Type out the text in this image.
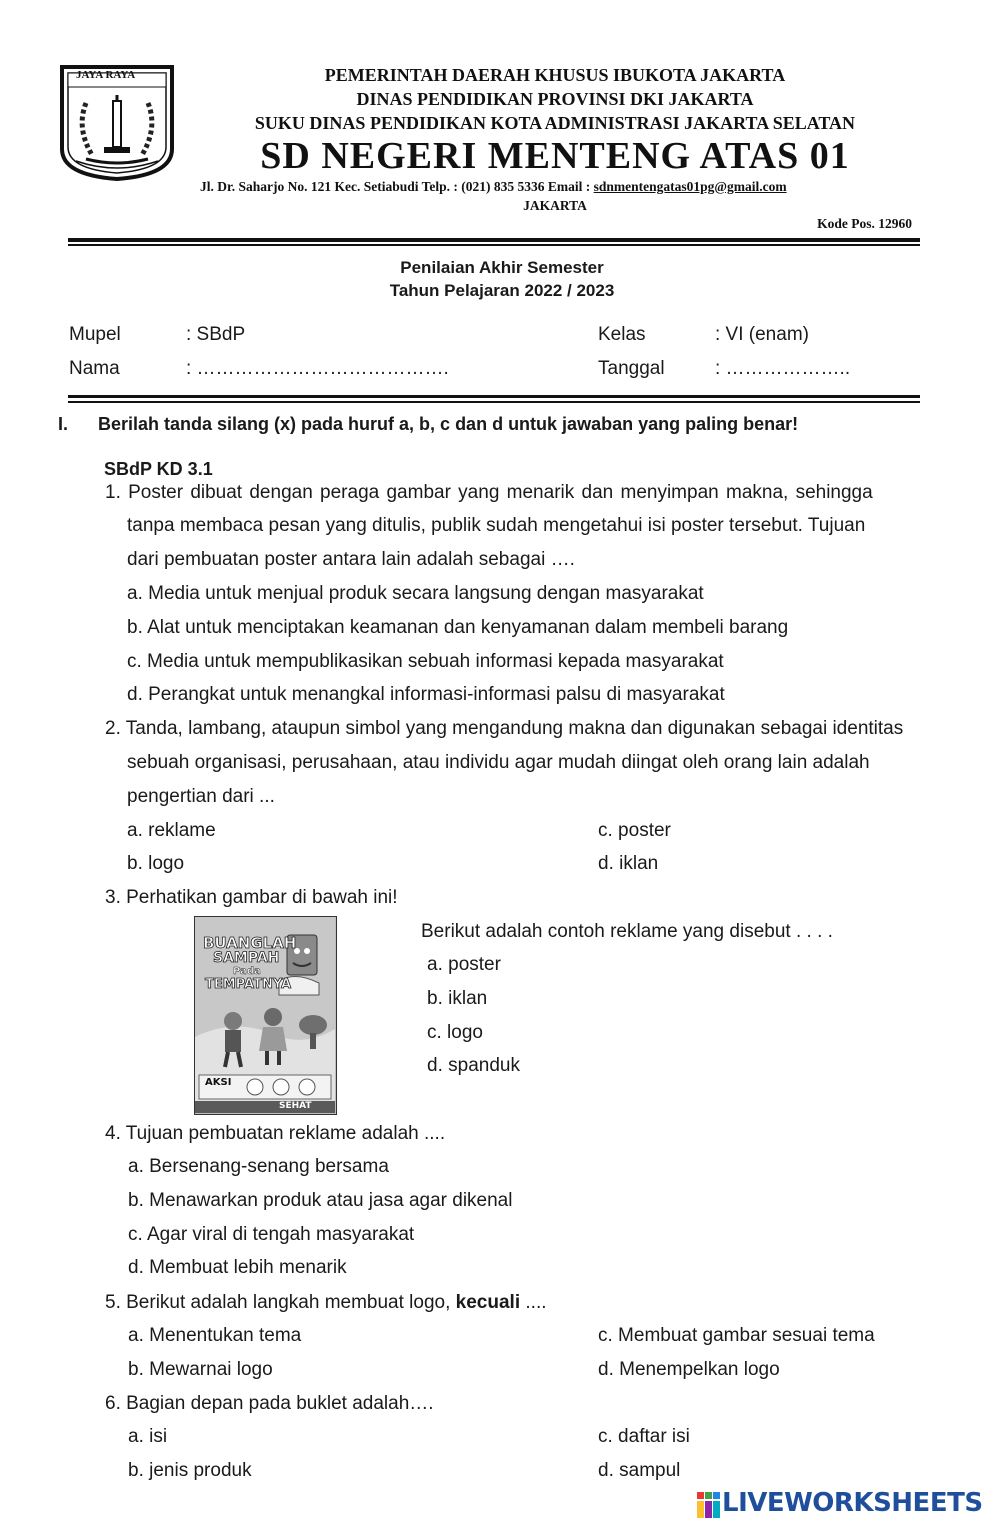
JAYA RAYA	PEMERINTAH DAERAH KHUSUS IBUKOTA JAKARTA
DINAS PENDIDIKAN PROVINSI DKI JAKARTA
SUKU DINAS PENDIDIKAN KOTA ADMINISTRASI JAKARTA SELATAN
SD NEGERI MENTENG ATAS 01
Jl. Dr. Saharjo No. 121 Kec. Setiabudi Telp. : (021) 835 5336 Email : sdnmentengatas01pg@gmail.com
JAKARTA
Kode Pos. 12960
Penilaian Akhir Semester
Tahun Pelajaran 2022 / 2023
Mupel	: SBdP	Kelas	: VI (enam)
Nama	: ………………………………….	Tanggal	: ………………..
I. Berilah tanda silang (x) pada huruf a, b, c dan d untuk jawaban yang paling benar!
SBdP KD 3.1
1. Poster dibuat dengan peraga gambar yang menarik dan menyimpan makna, sehingga
tanpa membaca pesan yang ditulis, publik sudah mengetahui isi poster tersebut. Tujuan
dari pembuatan poster antara lain adalah sebagai ….
a. Media untuk menjual produk secara langsung dengan masyarakat
b. Alat untuk menciptakan keamanan dan kenyamanan dalam membeli barang
c. Media untuk mempublikasikan sebuah informasi kepada masyarakat
d. Perangkat untuk menangkal informasi-informasi palsu di masyarakat
2. Tanda, lambang, ataupun simbol yang mengandung makna dan digunakan sebagai identitas
sebuah organisasi, perusahaan, atau individu agar mudah diingat oleh orang lain adalah
pengertian dari ...
a. reklame	c. poster
b. logo	d. iklan
3. Perhatikan gambar di bawah ini!
BUANGLAH
SAMPAH
Pada
TEMPATNYA
AKSI
SEHAT
Berikut adalah contoh reklame yang disebut . . . .
a. poster
b. iklan
c. logo
d. spanduk
4. Tujuan pembuatan reklame adalah ....
a. Bersenang-senang bersama
b. Menawarkan produk atau jasa agar dikenal
c. Agar viral di tengah masyarakat
d. Membuat lebih menarik
5. Berikut adalah langkah membuat logo, kecuali ....
a. Menentukan tema	c. Membuat gambar sesuai tema
b. Mewarnai logo	d. Menempelkan logo
6. Bagian depan pada buklet adalah….
a. isi	c. daftar isi
b. jenis produk	d. sampul
LIVEWORKSHEETS
